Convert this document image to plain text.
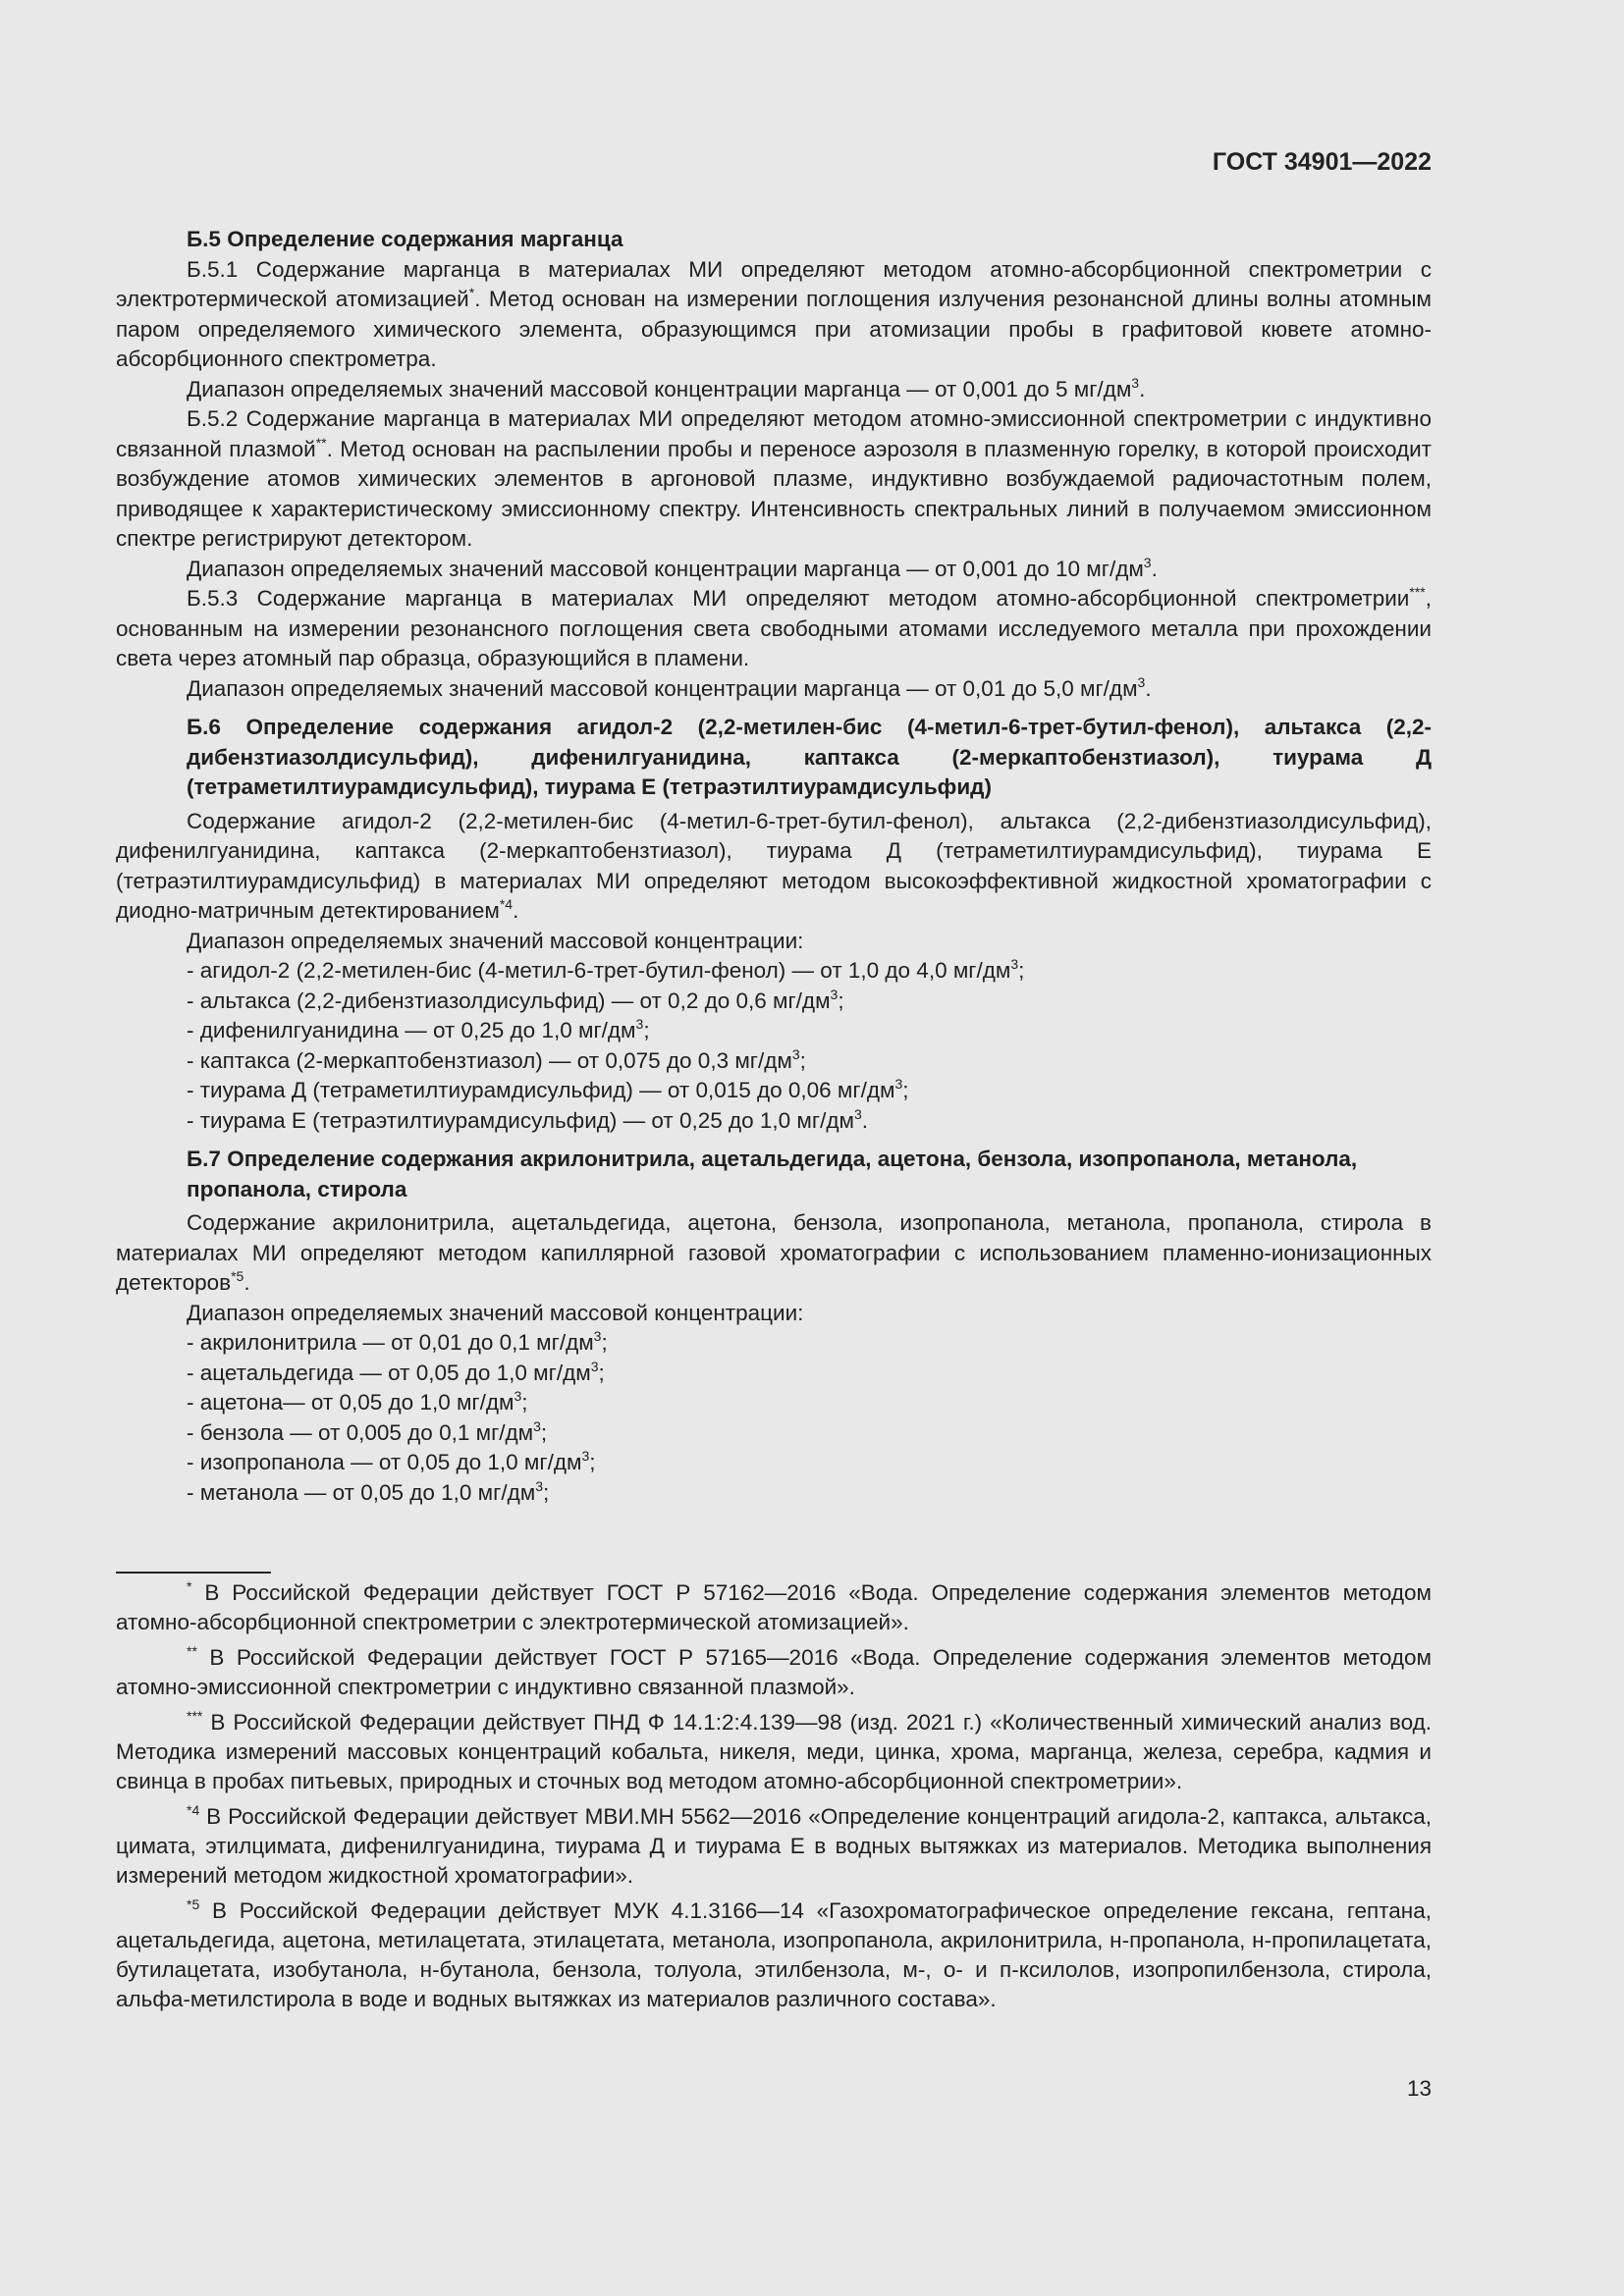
ГОСТ 34901—2022
Б.5 Определение содержания марганца

Б.5.1 Содержание марганца в материалах МИ определяют методом атомно-абсорбционной спектрометрии с электротермической атомизацией*. Метод основан на измерении поглощения излучения резонансной длины волны атомным паром определяемого химического элемента, образующимся при атомизации пробы в графитовой кювете атомно-абсорбционного спектрометра.

Диапазон определяемых значений массовой концентрации марганца — от 0,001 до 5 $мг/дм^3$.

Б.5.2 Содержание марганца в материалах МИ определяют методом атомно-эмиссионной спектрометрии с индуктивно связанной плазмой**. Метод основан на распылении пробы и переносе аэрозоля в плазменную горелку, в которой происходит возбуждение атомов химических элементов в аргоновой плазме, индуктивно возбуждаемой радиочастотным полем, приводящее к характеристическому эмиссионному спектру. Интенсивность спектральных линий в получаемом эмиссионном спектре регистрируют детектором.

Диапазон определяемых значений массовой концентрации марганца — от 0,001 до 10 $мг/дм^3$.

Б.5.3 Содержание марганца в материалах МИ определяют методом атомно-абсорбционной спектрометрии***, основанным на измерении резонансного поглощения света свободными атомами исследуемого металла при прохождении света через атомный пар образца, образующийся в пламени.

Диапазон определяемых значений массовой концентрации марганца — от 0,01 до 5,0 $мг/дм^3$.

Б.6 Определение содержания агидол-2 (2,2-метилен-бис (4-метил-6-трет-бутил-фенол), альтакса (2,2-дибензтиазолдисульфид), дифенилгуанидина, каптакса (2-меркаптобензтиазол), тиурама Д (тетраметилтиурамдисульфид), тиурама Е (тетраэтилтиурамдисульфид)

Содержание агидол-2 (2,2-метилен-бис (4-метил-6-трет-бутил-фенол), альтакса (2,2-дибензтиазолдисульфид), дифенилгуанидина, каптакса (2-меркаптобензтиазол), тиурама Д (тетраметилтиурамдисульфид), тиурама Е (тетраэтилтиурамдисульфид) в материалах МИ определяют методом высокоэффективной жидкостной хроматографии с диодно-матричным детектированием$^{*4}$.

Диапазон определяемых значений массовой концентрации:

- агидол-2 (2,2-метилен-бис (4-метил-6-трет-бутил-фенол) — от 1,0 до 4,0 $мг/дм^3$;
- альтакса (2,2-дибензтиазолдисульфид) — от 0,2 до 0,6 $мг/дм^3$;
- дифенилгуанидина — от 0,25 до 1,0 $мг/дм^3$;
- каптакса (2-меркаптобензтиазол) — от 0,075 до 0,3 $мг/дм^3$;
- тиурама Д (тетраметилтиурамдисульфид) — от 0,015 до 0,06 $мг/дм^3$;
- тиурама Е (тетраэтилтиурамдисульфид) — от 0,25 до 1,0 $мг/дм^3$.
Б.7 Определение содержания акрилонитрила, ацетальдегида, ацетона, бензола, изопропанола, метанола, пропанола, стирола

Содержание акрилонитрила, ацетальдегида, ацетона, бензола, изопропанола, метанола, пропанола, стирола в материалах МИ определяют методом капиллярной газовой хроматографии с использованием пламенно-ионизационных детекторов$^{*5}$.

Диапазон определяемых значений массовой концентрации:

- акрилонитрила — от 0,01 до 0,1 $мг/дм^3$;
- ацетальдегида — от 0,05 до 1,0 $мг/дм^3$;
- ацетона— от 0,05 до 1,0 $мг/дм^3$;
- бензола — от 0,005 до 0,1 $мг/дм^3$;
- изопропанола — от 0,05 до 1,0 $мг/дм^3$;
- метанола — от 0,05 до 1,0 $мг/дм^3$;

* В Российской Федерации действует ГОСТ Р 57162—2016 «Вода. Определение содержания элементов методом атомно-абсорбционной спектрометрии с электротермической атомизацией».

** В Российской Федерации действует ГОСТ Р 57165—2016 «Вода. Определение содержания элементов методом атомно-эмиссионной спектрометрии с индуктивно связанной плазмой».

*** В Российской Федерации действует ПНД Ф 14.1:2:4.139—98 (изд. 2021 г.) «Количественный химический анализ вод. Методика измерений массовых концентраций кобальта, никеля, меди, цинка, хрома, марганца, железа, серебра, кадмия и свинца в пробах питьевых, природных и сточных вод методом атомно-абсорбционной спектрометрии».

$^{*4}$ В Российской Федерации действует МВИ.МН 5562—2016 «Определение концентраций агидола-2, каптакса, альтакса, цимата, этилцимата, дифенилгуанидина, тиурама Д и тиурама Е в водных вытяжках из материалов. Методика выполнения измерений методом жидкостной хроматографии».

$^{*5}$ В Российской Федерации действует МУК 4.1.3166—14 «Газохроматографическое определение гексана, гептана, ацетальдегида, ацетона, метилацетата, этилацетата, метанола, изопропанола, акрилонитрила, н-пропанола, н-пропилацетата, бутилацетата, изобутанола, н-бутанола, бензола, толуола, этилбензола, м-, о- и п-ксилолов, изопропилбензола, стирола, альфа-метилстирола в воде и водных вытяжках из материалов различного состава».

13
